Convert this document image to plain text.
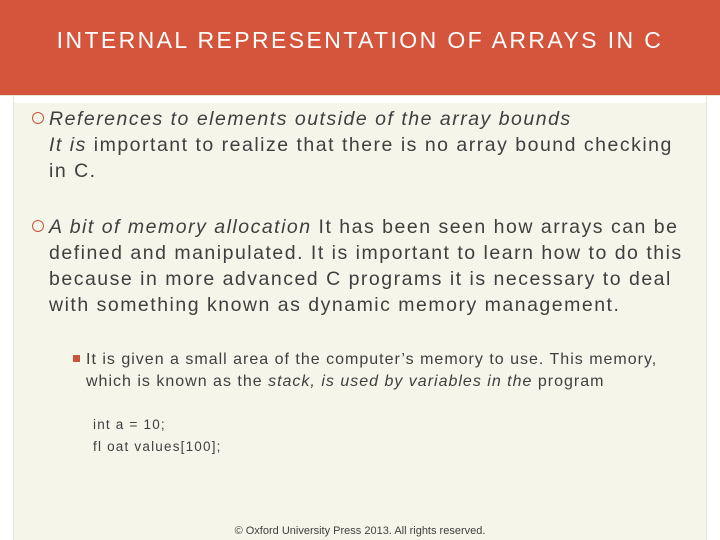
INTERNAL REPRESENTATION OF ARRAYS IN C
References to elements outside of the array bounds
It is important to realize that there is no array bound checking in C.
A bit of memory allocation It has been seen how arrays can be defined and manipulated. It is important to learn how to do this because in more advanced C programs it is necessary to deal with something known as dynamic memory management.
It is given a small area of the computer’s memory to use. This memory, which is known as the stack, is used by variables in the program
int a = 10;
fl oat values[100];
© Oxford University Press 2013. All rights reserved.
